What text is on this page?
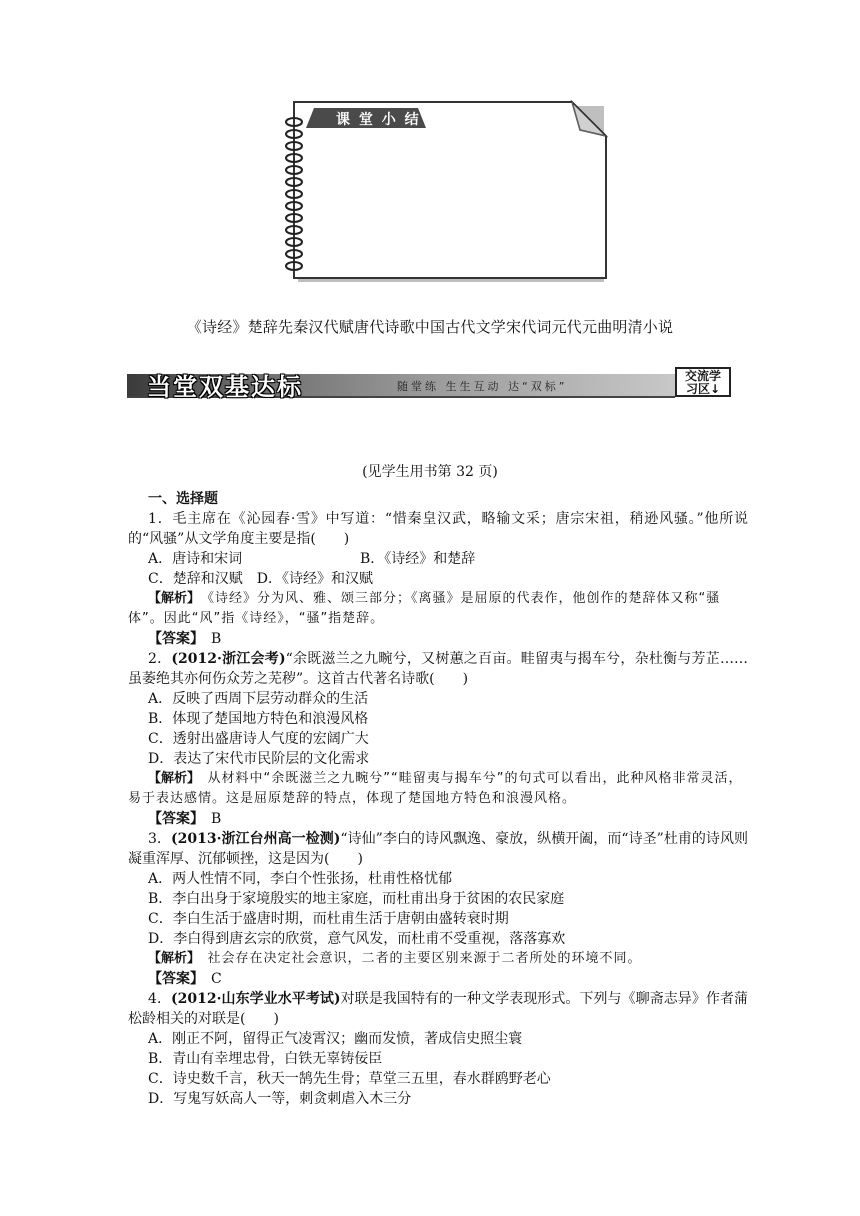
课 堂 小 结
《诗经》楚辞先秦汉代赋唐代诗歌中国古代文学宋代词元代元曲明清小说
当堂双基达标	随堂练 生生互动 达“双标”
交流学
习区↓
(见学生用书第 32 页)

一、选择题

1．毛主席在《沁园春·雪》中写道：“惜秦皇汉武，略输文采；唐宗宋祖，稍逊风骚。”他所说的“风骚”从文学角度主要是指(　　)

A．唐诗和宋词	B．《诗经》和楚辞

C．楚辞和汉赋　 D．《诗经》和汉赋

【解析】　 《诗经》分为风、雅、颂三部分；《离骚》是屈原的代表作，他创作的楚辞体又称“骚体”。因此“风”指《诗经》，“骚”指楚辞。

【答案】　 B

2．(2012·浙江会考)“余既滋兰之九畹兮，又树蕙之百亩。畦留夷与揭车兮，杂杜衡与芳芷……虽萎绝其亦何伤众芳之芜秽”。这首古代著名诗歌(　　)

A．反映了西周下层劳动群众的生活

B．体现了楚国地方特色和浪漫风格

C．透射出盛唐诗人气度的宏阔广大

D．表达了宋代市民阶层的文化需求

【解析】　 从材料中“余既滋兰之九畹兮”“畦留夷与揭车兮”的句式可以看出，此种风格非常灵活，易于表达感情。这是屈原楚辞的特点，体现了楚国地方特色和浪漫风格。

【答案】　 B

3．(2013·浙江台州高一检测)“诗仙”李白的诗风飘逸、豪放，纵横开阖，而“诗圣”杜甫的诗风则凝重浑厚、沉郁顿挫，这是因为(　　)

A．两人性情不同，李白个性张扬，杜甫性格忧郁

B．李白出身于家境殷实的地主家庭，而杜甫出身于贫困的农民家庭

C．李白生活于盛唐时期，而杜甫生活于唐朝由盛转衰时期

D．李白得到唐玄宗的欣赏，意气风发，而杜甫不受重视，落落寡欢

【解析】　 社会存在决定社会意识，二者的主要区别来源于二者所处的环境不同。

【答案】　 C

4．(2012·山东学业水平考试)对联是我国特有的一种文学表现形式。下列与《聊斋志异》作者蒲松龄相关的对联是(　　)

A．刚正不阿，留得正气凌霄汉；幽而发愤，著成信史照尘寰

B．青山有幸埋忠骨，白铁无辜铸佞臣

C．诗史数千言，秋天一鹄先生骨；草堂三五里，春水群鸥野老心

D．写鬼写妖高人一等，刺贪刺虐入木三分
